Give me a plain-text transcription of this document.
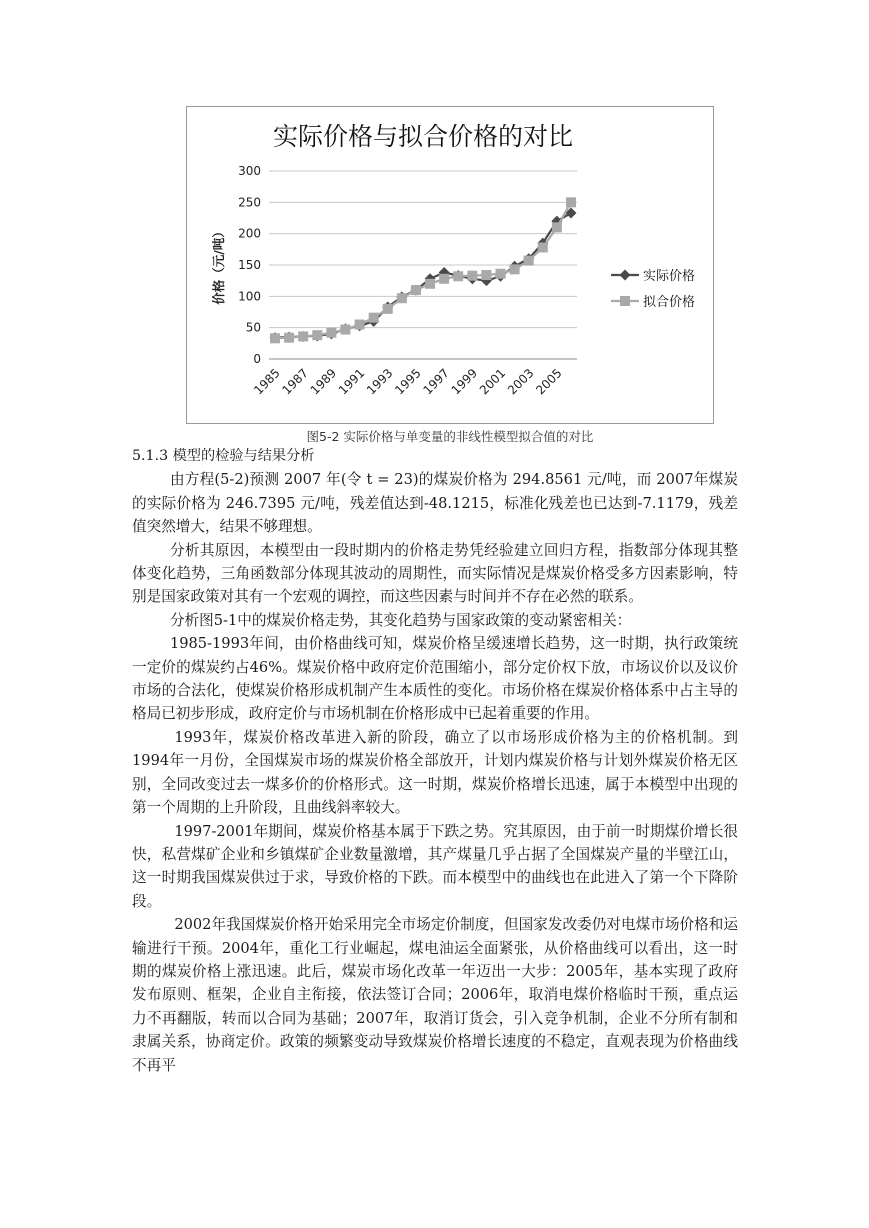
实际价格与拟合价格的对比
0
50
100
150
200
250
300
1985
1987
1989
1991
1993
1995
1997
1999
2001
2003
2005
价格（元/吨）	实际价格
拟合价格
图5-2 实际价格与单变量的非线性模型拟合值的对比

5.1.3 模型的检验与结果分析

由方程(5-2)预测 2007 年(令 t = 23)的煤炭价格为 294.8561 元/吨，而 2007年煤炭的实际价格为 246.7395 元/吨，残差值达到-48.1215，标准化残差也已达到-7.1179，残差值突然增大，结果不够理想。

分析其原因，本模型由一段时期内的价格走势凭经验建立回归方程，指数部分体现其整体变化趋势，三角函数部分体现其波动的周期性，而实际情况是煤炭价格受多方因素影响，特别是国家政策对其有一个宏观的调控，而这些因素与时间并不存在必然的联系。

分析图5-1中的煤炭价格走势，其变化趋势与国家政策的变动紧密相关：

1985-1993年间，由价格曲线可知，煤炭价格呈缓速增长趋势，这一时期，执行政策统一定价的煤炭约占46%。煤炭价格中政府定价范围缩小，部分定价权下放，市场议价以及议价市场的合法化，使煤炭价格形成机制产生本质性的变化。市场价格在煤炭价格体系中占主导的格局已初步形成，政府定价与市场机制在价格形成中已起着重要的作用。

1993年，煤炭价格改革进入新的阶段，确立了以市场形成价格为主的价格机制。到1994年一月份，全国煤炭市场的煤炭价格全部放开，计划内煤炭价格与计划外煤炭价格无区别，全同改变过去一煤多价的价格形式。这一时期，煤炭价格增长迅速，属于本模型中出现的第一个周期的上升阶段，且曲线斜率较大。

1997-2001年期间，煤炭价格基本属于下跌之势。究其原因，由于前一时期煤价增长很快，私营煤矿企业和乡镇煤矿企业数量激增，其产煤量几乎占据了全国煤炭产量的半壁江山，这一时期我国煤炭供过于求，导致价格的下跌。而本模型中的曲线也在此进入了第一个下降阶段。

2002年我国煤炭价格开始采用完全市场定价制度，但国家发改委仍对电煤市场价格和运输进行干预。2004年，重化工行业崛起，煤电油运全面紧张，从价格曲线可以看出，这一时期的煤炭价格上涨迅速。此后，煤炭市场化改革一年迈出一大步：2005年，基本实现了政府发布原则、框架，企业自主衔接，依法签订合同；2006年，取消电煤价格临时干预，重点运力不再翻版，转而以合同为基础；2007年，取消订货会，引入竞争机制，企业不分所有制和隶属关系，协商定价。政策的频繁变动导致煤炭价格增长速度的不稳定，直观表现为价格曲线不再平
